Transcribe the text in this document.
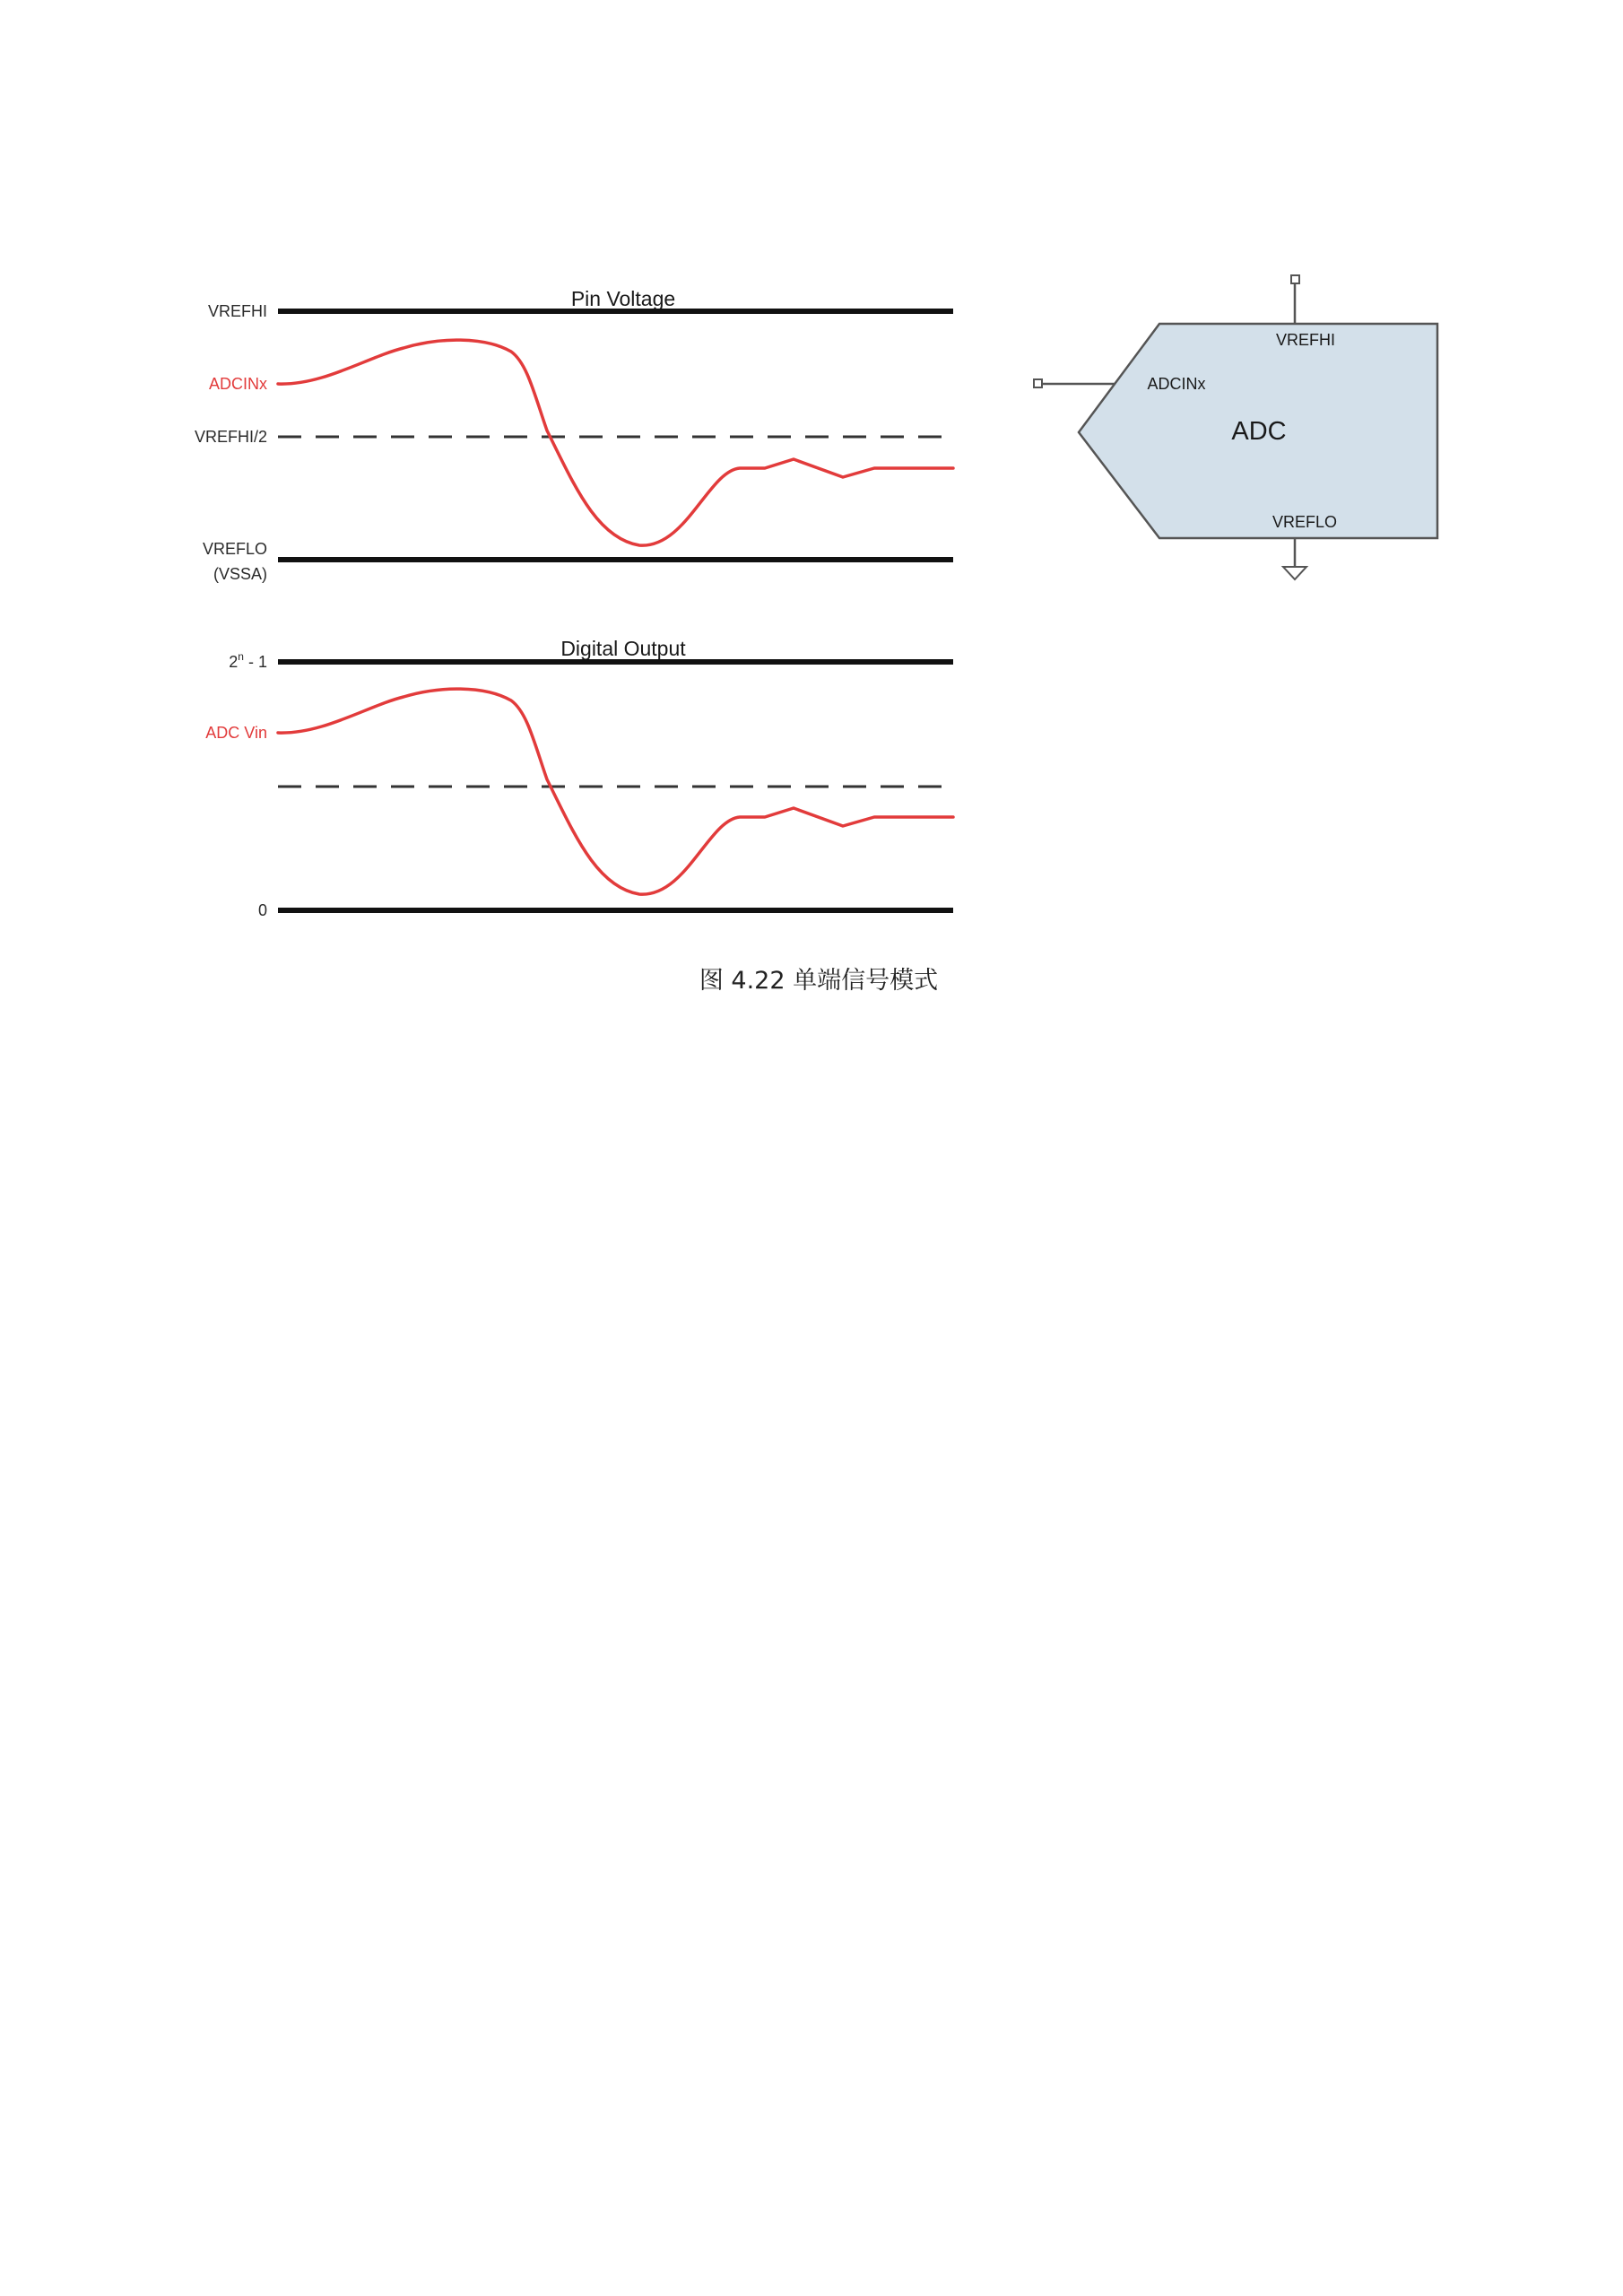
Pin Voltage
VREFHI
ADCINx
VREFHI/2
VREFLO
(VSSA)
Digital Output
2$^n$ - 1
ADC Vin
0
VREFHI
ADCINx
ADC
VREFLO
图 4.22 单端信号模式
